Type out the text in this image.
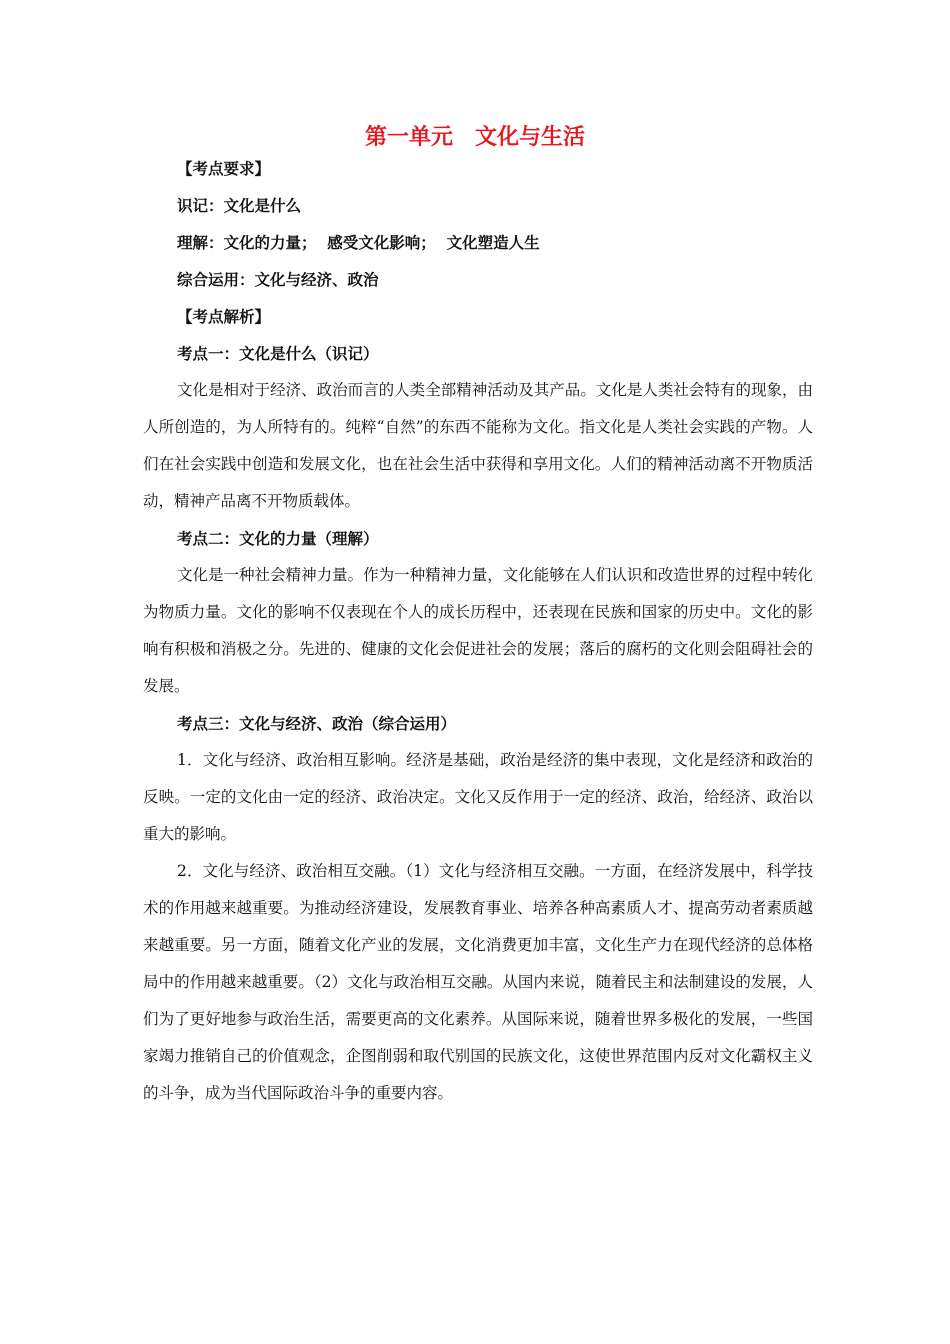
第一单元　文化与生活
【考点要求】
识记：文化是什么
理解：文化的力量；  感受文化影响；  文化塑造人生
综合运用：文化与经济、政治
【考点解析】
考点一：文化是什么（识记）

文化是相对于经济、政治而言的人类全部精神活动及其产品。文化是人类社会特有的现象，由人所创造的，为人所特有的。纯粹“自然”的东西不能称为文化。指文化是人类社会实践的产物。人们在社会实践中创造和发展文化，也在社会生活中获得和享用文化。人们的精神活动离不开物质活动，精神产品离不开物质载体。

考点二：文化的力量（理解）

文化是一种社会精神力量。作为一种精神力量，文化能够在人们认识和改造世界的过程中转化为物质力量。文化的影响不仅表现在个人的成长历程中，还表现在民族和国家的历史中。文化的影响有积极和消极之分。先进的、健康的文化会促进社会的发展；落后的腐朽的文化则会阻碍社会的发展。

考点三：文化与经济、政治（综合运用）

1．文化与经济、政治相互影响。经济是基础，政治是经济的集中表现，文化是经济和政治的反映。一定的文化由一定的经济、政治决定。文化又反作用于一定的经济、政治，给经济、政治以重大的影响。

2．文化与经济、政治相互交融。（1）文化与经济相互交融。一方面，在经济发展中，科学技术的作用越来越重要。为推动经济建设，发展教育事业、培养各种高素质人才、提高劳动者素质越来越重要。另一方面，随着文化产业的发展，文化消费更加丰富，文化生产力在现代经济的总体格局中的作用越来越重要。（2）文化与政治相互交融。从国内来说，随着民主和法制建设的发展，人们为了更好地参与政治生活，需要更高的文化素养。从国际来说，随着世界多极化的发展，一些国家竭力推销自己的价值观念，企图削弱和取代别国的民族文化，这使世界范围内反对文化霸权主义的斗争，成为当代国际政治斗争的重要内容。
